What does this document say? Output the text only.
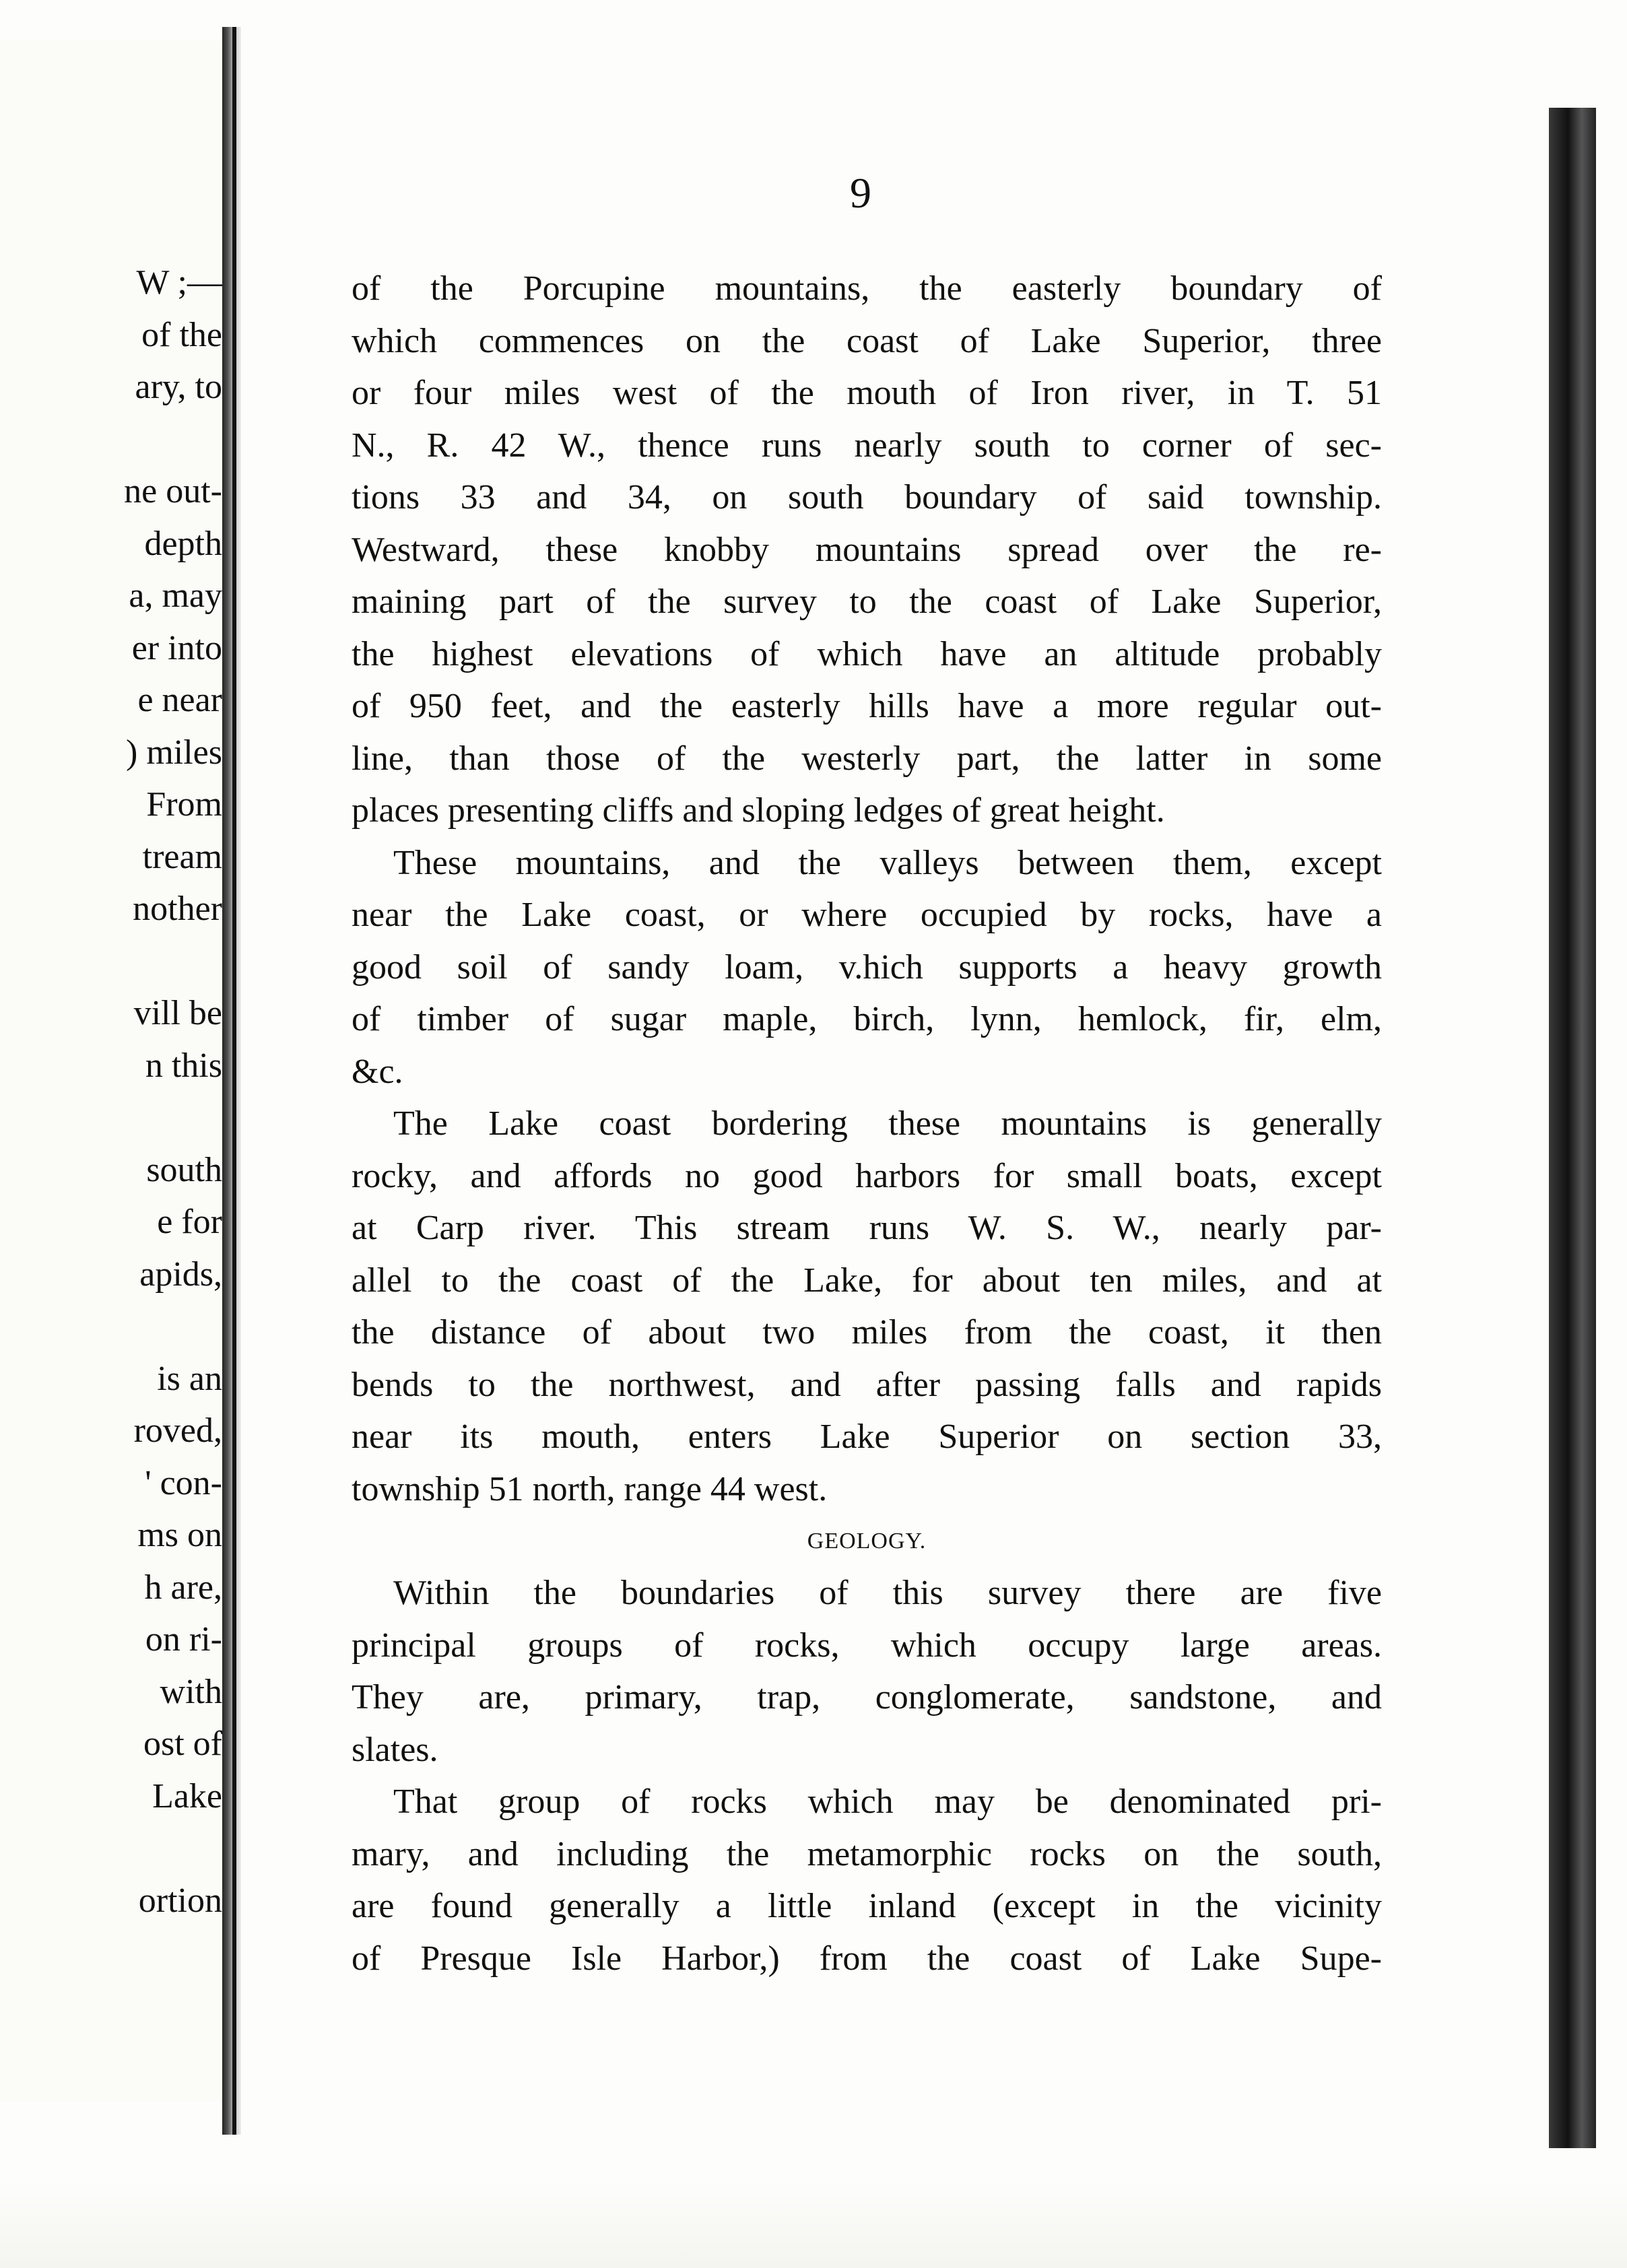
W ;—
of the
ary, to
ne out-
depth
a, may
er into
e near
) miles
From
tream
nother
vill be
n this
south
e for
apids,
is an
roved,
' con-
ms on
h are,
on ri-
with
ost of
Lake
ortion
9

of the Porcupine mountains, the easterly boundary of
which commences on the coast of Lake Superior, three
or four miles west of the mouth of Iron river, in T. 51
N., R. 42 W., thence runs nearly south to corner of sec-
tions 33 and 34, on south boundary of said township.
Westward, these knobby mountains spread over the re-
maining part of the survey to the coast of Lake Superior,
the highest elevations of which have an altitude probably
of 950 feet, and the easterly hills have a more regular out-
line, than those of the westerly part, the latter in some
places presenting cliffs and sloping ledges of great height.

These mountains, and the valleys between them, except
near the Lake coast, or where occupied by rocks, have a
good soil of sandy loam, v.hich supports a heavy growth
of timber of sugar maple, birch, lynn, hemlock, fir, elm,
&c.

The Lake coast bordering these mountains is generally
rocky, and affords no good harbors for small boats, except
at Carp river. This stream runs W. S. W., nearly par-
allel to the coast of the Lake, for about ten miles, and at
the distance of about two miles from the coast, it then
bends to the northwest, and after passing falls and rapids
near its mouth, enters Lake Superior on section 33,
township 51 north, range 44 west.

GEOLOGY.

Within the boundaries of this survey there are five
principal groups of rocks, which occupy large areas.
They are, primary, trap, conglomerate, sandstone, and
slates.

That group of rocks which may be denominated pri-
mary, and including the metamorphic rocks on the south,
are found generally a little inland (except in the vicinity
of Presque Isle Harbor,) from the coast of Lake Supe-
